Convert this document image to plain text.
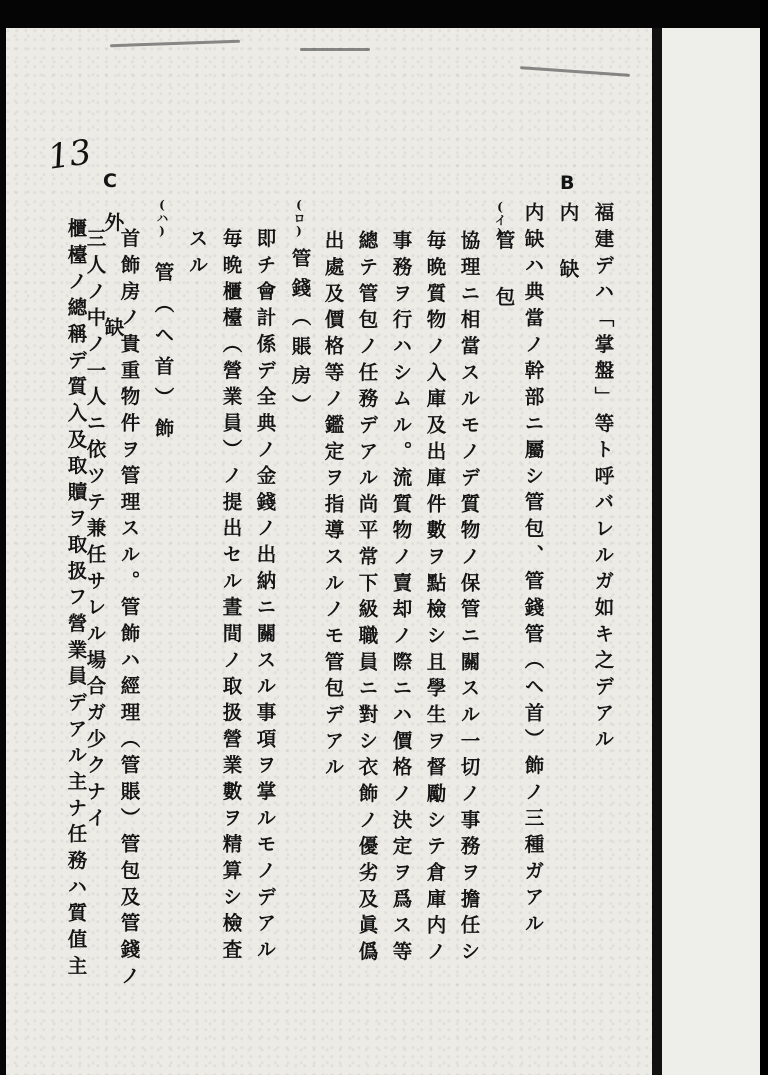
13
B
福建デハ「掌盤」等ト呼バレルガ如キ之デアル
内 缺
内缺ハ典當ノ幹部ニ屬シ管包、管錢管（ヘ首）飾ノ三種ガアル
(イ)
管 包
協理ニ相當スルモノデ質物ノ保管ニ關スル一切ノ事務ヲ擔任シ
毎晩質物ノ入庫及出庫件數ヲ點檢シ且學生ヲ督勵シテ倉庫内ノ
事務ヲ行ハシムル。流質物ノ賣却ノ際ニハ價格ノ決定ヲ爲ス等
總テ管包ノ任務デアル尚平常下級職員ニ對シ衣飾ノ優劣及眞僞
出處及價格等ノ鑑定ヲ指導スルノモ管包デアル
(ロ)
管錢（賬房）
即チ會計係デ全典ノ金錢ノ出納ニ關スル事項ヲ掌ルモノデアル
毎晩櫃檯（營業員）ノ提出セル晝間ノ取扱營業數ヲ精算シ檢査
スル
(ハ)
管（ヘ首）飾
首飾房ノ貴重物件ヲ管理スル。管飾ハ經理（管賬）管包及管錢ノ
三人ノ中ノ一人ニ依ツテ兼任サレル場合ガ少クナイ
C
外 缺
櫃檯ノ總稱デ質入及取贖ヲ取扱フ營業員デアル主ナ任務ハ質值主
